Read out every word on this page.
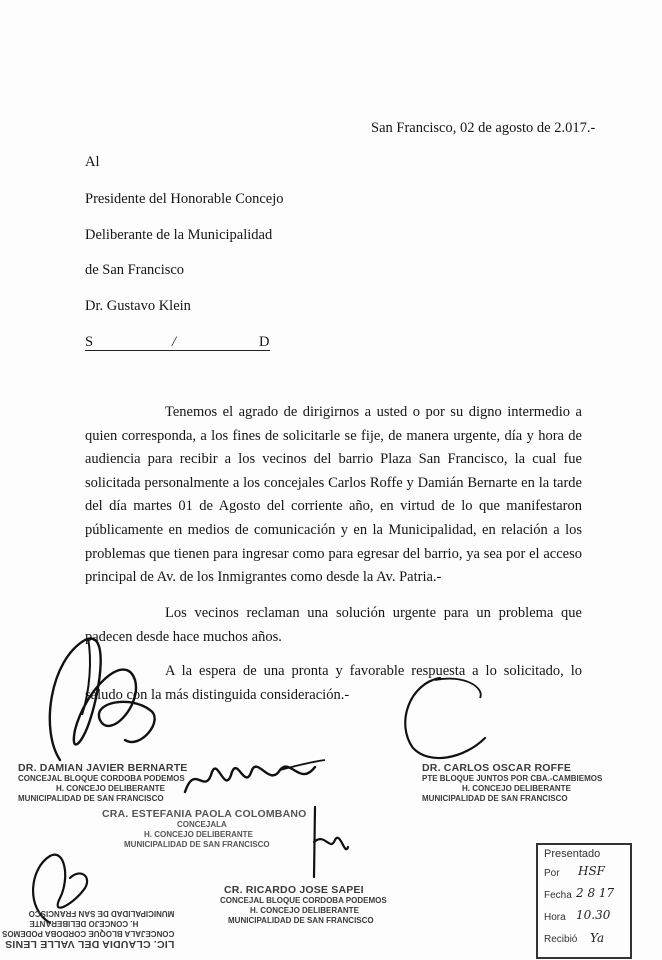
San Francisco, 02 de agosto de 2.017.-
Al
Presidente del Honorable Concejo
Deliberante de la Municipalidad
de San Francisco
Dr. Gustavo Klein
S	/	D

Tenemos el agrado de dirigirnos a usted o por su digno intermedio a quien corresponda, a los fines de solicitarle se fije, de manera urgente, día y hora de audiencia para recibir a los vecinos del barrio Plaza San Francisco, la cual fue solicitada personalmente a los concejales Carlos Roffe y Damián Bernarte en la tarde del día martes 01 de Agosto del corriente año, en virtud de lo que manifestaron públicamente en medios de comunicación y en la Municipalidad, en relación a los problemas que tienen para ingresar como para egresar del barrio, ya sea por el acceso principal de Av. de los Inmigrantes como desde la Av. Patria.-

Los vecinos reclaman una solución urgente para un problema que padecen desde hace muchos años.

A la espera de una pronta y favorable respuesta a lo solicitado, lo saludo con la más distinguida consideración.-

DR. DAMIAN JAVIER BERNARTE
CONCEJAL BLOQUE CORDOBA PODEMOS
H. CONCEJO DELIBERANTE
MUNICIPALIDAD DE SAN FRANCISCO
DR. CARLOS OSCAR ROFFE
PTE BLOQUE JUNTOS POR CBA.-CAMBIEMOS
H. CONCEJO DELIBERANTE
MUNICIPALIDAD DE SAN FRANCISCO
CRA. ESTEFANIA PAOLA COLOMBANO
CONCEJALA
H. CONCEJO DELIBERANTE
MUNICIPALIDAD DE SAN FRANCISCO
CR. RICARDO JOSE SAPEI
CONCEJAL BLOQUE CORDOBA PODEMOS
H. CONCEJO DELIBERANTE
MUNICIPALIDAD DE SAN FRANCISCO
LIC. CLAUDIA DEL VALLE LENIS
CONCEJALA BLOQUE CORDOBA PODEMOS
H. CONCEJO DELIBERANTE
MUNICIPALIDAD DE SAN FRANCISCO
Presentado
Por HSF
Fecha 2 8 17
Hora 10.30
Recibió Ya
